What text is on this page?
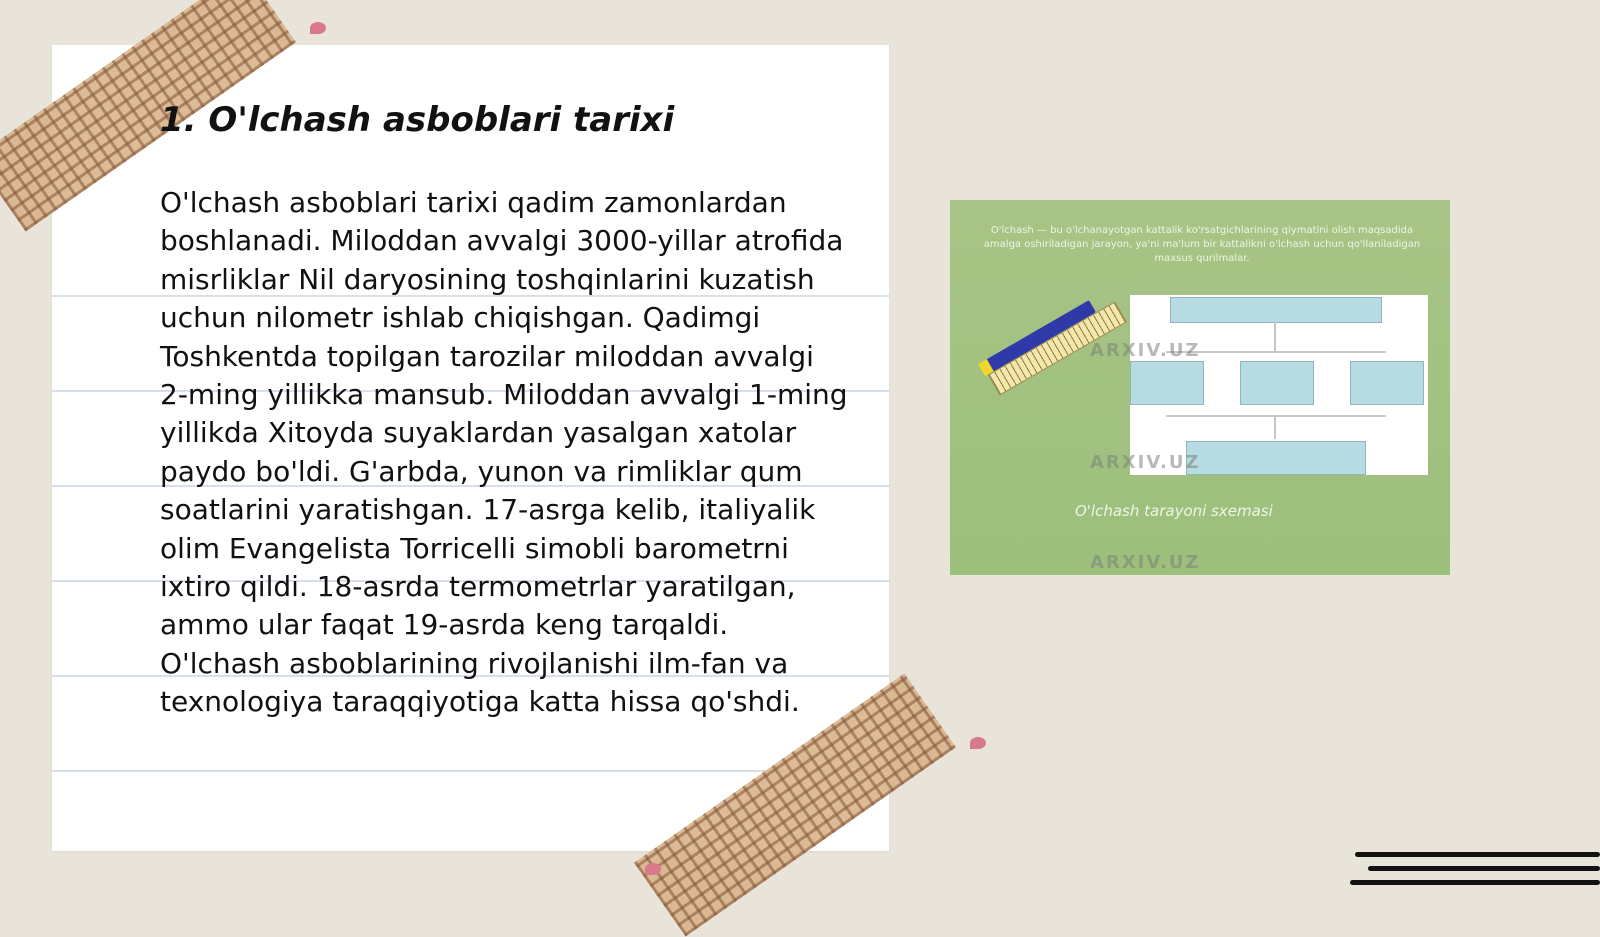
1. O'lchash asboblari tarixi

O'lchash asboblari tarixi qadim zamonlardan boshlanadi. Miloddan avvalgi 3000-yillar atrofida misrliklar Nil daryosining toshqinlarini kuzatish uchun nilometr ishlab chiqishgan. Qadimgi Toshkentda topilgan tarozilar miloddan avvalgi 2-ming yillikka mansub. Miloddan avvalgi 1-ming yillikda Xitoyda suyaklardan yasalgan xatolar paydo bo'ldi. G'arbda, yunon va rimliklar qum soatlarini yaratishgan. 17-asrga kelib, italiyalik olim Evangelista Torricelli simobli barometrni ixtiro qildi. 18-asrda termometrlar yaratilgan, ammo ular faqat 19-asrda keng tarqaldi. O'lchash asboblarining rivojlanishi ilm-fan va texnologiya taraqqiyotiga katta hissa qo'shdi.

O'lchash — bu o'lchanayotgan kattalik ko'rsatgichlarining qiymatini olish maqsadida amalga oshiriladigan jarayon, ya'ni ma'lum bir kattalikni o'lchash uchun qo'llaniladigan maxsus qurilmalar.

ARXIV.UZ
ARXIV.UZ
ARXIV.UZ

O'lchash tarayoni sxemasi
